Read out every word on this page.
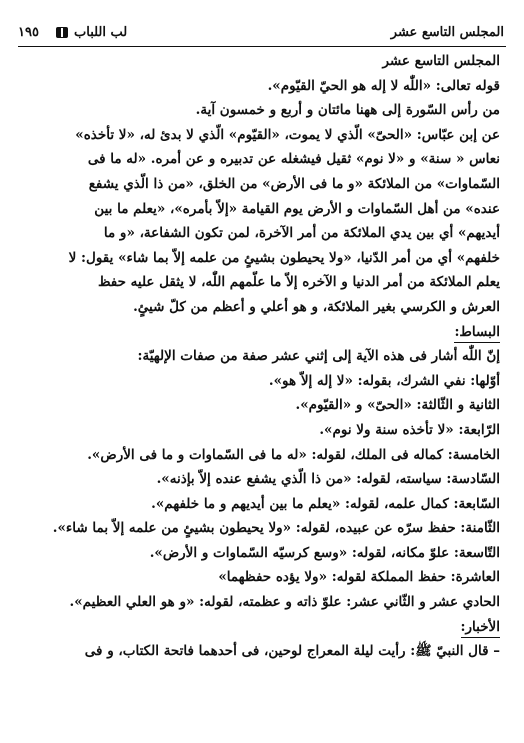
المجلس التاسع عشر
لب اللباب
١٩٥
المجلس التاسع عشر
قوله تعالى: «اللّٰه لا إله هو الحيّ القيّوم».
من رأس السّورة إلى ههنا مائتان و أربع و خمسون آية.
عن إبن عبّاس: «الحىّ» الّذي لا يموت، «القيّوم» الّذي لا بدئ له، «لا تأخذه»
نعاس « سنة» و «لا نوم» ثقيل فيشغله عن تدبيره و عن أمره. «له ما فى
السّماوات» من الملائكة «و ما فى الأرض» من الخلق، «من ذا الّذي يشفع
عنده» من أهل السّماوات و الأرض يوم القيامة «إلاّ بأمره»، «يعلم ما بين
أيديهم» أي بين يدي الملائكة من أمر الآخرة، لمن تكون الشفاعة، «و ما
خلفهم» أي من أمر الدّنيا، «ولا يحيطون بشيئٍ من علمه إلاّ بما شاء» يقول: لا
يعلم الملائكة من أمر الدنيا و الآخره إلاّ ما علّمهم اللّٰه، لا يثقل عليه حفظ
العرش و الكرسي بغير الملائكة، و هو أعلي و أعظم من كلّ شيئٍ.
البساط:
إنّ اللّٰه أشار فى هذه الآية إلى إثني عشر صفة من صفات الإلهيّة:
أوّلها: نفي الشرك، بقوله: «لا إله إلاّ هو».
الثانية و الثّالثة: «الحىّ» و «القيّوم».
الرّابعة: «لا تأخذه سنة ولا نوم».
الخامسة: كماله فى الملك، لقوله: «له ما فى السّماوات و ما فى الأرض».
السّادسة: سياسته، لقوله: «من ذا الّذي يشفع عنده إلاّ بإذنه».
السّابعة: كمال علمه، لقوله: «يعلم ما بين أيديهم و ما خلفهم».
الثّامنة: حفظ سرّه عن عبيده، لقوله: «ولا يحيطون بشيئٍ من علمه إلاّ بما شاء».
التّاسعة: علوّ مكانه، لقوله: «وسع كرسيّه السّماوات و الأرض».
العاشرة: حفظ المملكة لقوله: «ولا يؤده حفظهما»
الحادي عشر و الثّاني عشر: علوّ ذاته و عظمته، لقوله: «و هو العلي العظيم».
الأخبار:
– قال النبيّ ﷺ: رأيت ليلة المعراج لوحين، فى أحدهما فاتحة الكتاب، و فى
